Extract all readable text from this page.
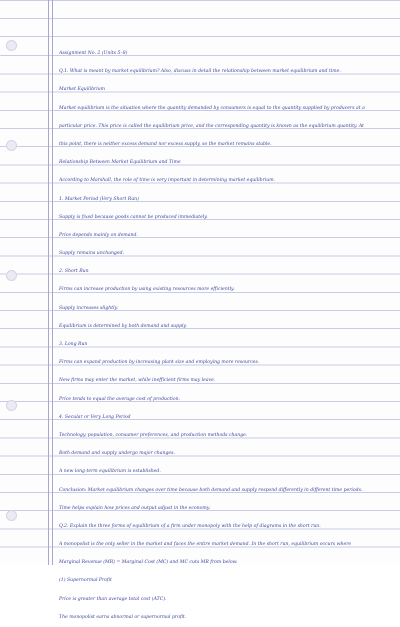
Assignment No. 2 (Units 5–8)
Q.1. What is meant by market equilibrium? Also, discuss in detail the relationship between market equilibrium and time.
Market Equilibrium
Market equilibrium is the situation where the quantity demanded by consumers is equal to the quantity supplied by producers at a
particular price. This price is called the equilibrium price, and the corresponding quantity is known as the equilibrium quantity. At
this point, there is neither excess demand nor excess supply, so the market remains stable.
Relationship Between Market Equilibrium and Time
According to Marshall, the role of time is very important in determining market equilibrium.
1. Market Period (Very Short Run)
Supply is fixed because goods cannot be produced immediately.
Price depends mainly on demand.
Supply remains unchanged.
2. Short Run
Firms can increase production by using existing resources more efficiently.
Supply increases slightly.
Equilibrium is determined by both demand and supply.
3. Long Run
Firms can expand production by increasing plant size and employing more resources.
New firms may enter the market, while inefficient firms may leave.
Price tends to equal the average cost of production.
4. Secular or Very Long Period
Technology, population, consumer preferences, and production methods change.
Both demand and supply undergo major changes.
A new long-term equilibrium is established.
Conclusion: Market equilibrium changes over time because both demand and supply respond differently in different time periods.
Time helps explain how prices and output adjust in the economy.
Q.2. Explain the three forms of equilibrium of a firm under monopoly with the help of diagrams in the short run.
A monopolist is the only seller in the market and faces the entire market demand. In the short run, equilibrium occurs where
Marginal Revenue (MR) = Marginal Cost (MC) and MC cuts MR from below.
(1) Supernormal Profit
Price is greater than average total cost (ATC).
The monopolist earns abnormal or supernormal profit.
